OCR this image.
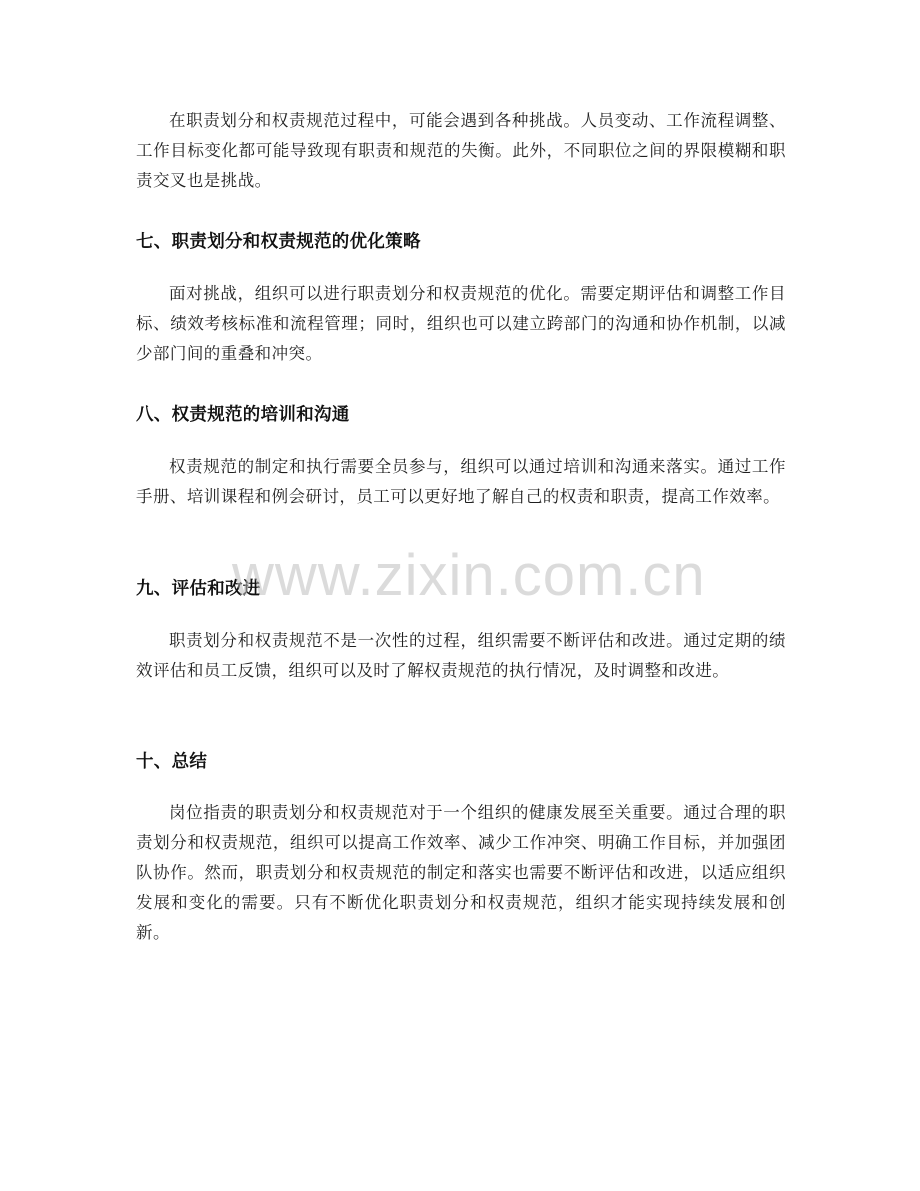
在职责划分和权责规范过程中，可能会遇到各种挑战。人员变动、工作流程调整、工作目标变化都可能导致现有职责和规范的失衡。此外，不同职位之间的界限模糊和职责交叉也是挑战。

七、职责划分和权责规范的优化策略

面对挑战，组织可以进行职责划分和权责规范的优化。需要定期评估和调整工作目标、绩效考核标准和流程管理；同时，组织也可以建立跨部门的沟通和协作机制，以减少部门间的重叠和冲突。

八、权责规范的培训和沟通

权责规范的制定和执行需要全员参与，组织可以通过培训和沟通来落实。通过工作手册、培训课程和例会研讨，员工可以更好地了解自己的权责和职责，提高工作效率。

九、评估和改进

职责划分和权责规范不是一次性的过程，组织需要不断评估和改进。通过定期的绩效评估和员工反馈，组织可以及时了解权责规范的执行情况，及时调整和改进。

十、总结

岗位指责的职责划分和权责规范对于一个组织的健康发展至关重要。通过合理的职责划分和权责规范，组织可以提高工作效率、减少工作冲突、明确工作目标，并加强团队协作。然而，职责划分和权责规范的制定和落实也需要不断评估和改进，以适应组织发展和变化的需要。只有不断优化职责划分和权责规范，组织才能实现持续发展和创新。

www.zixin.com.cn
